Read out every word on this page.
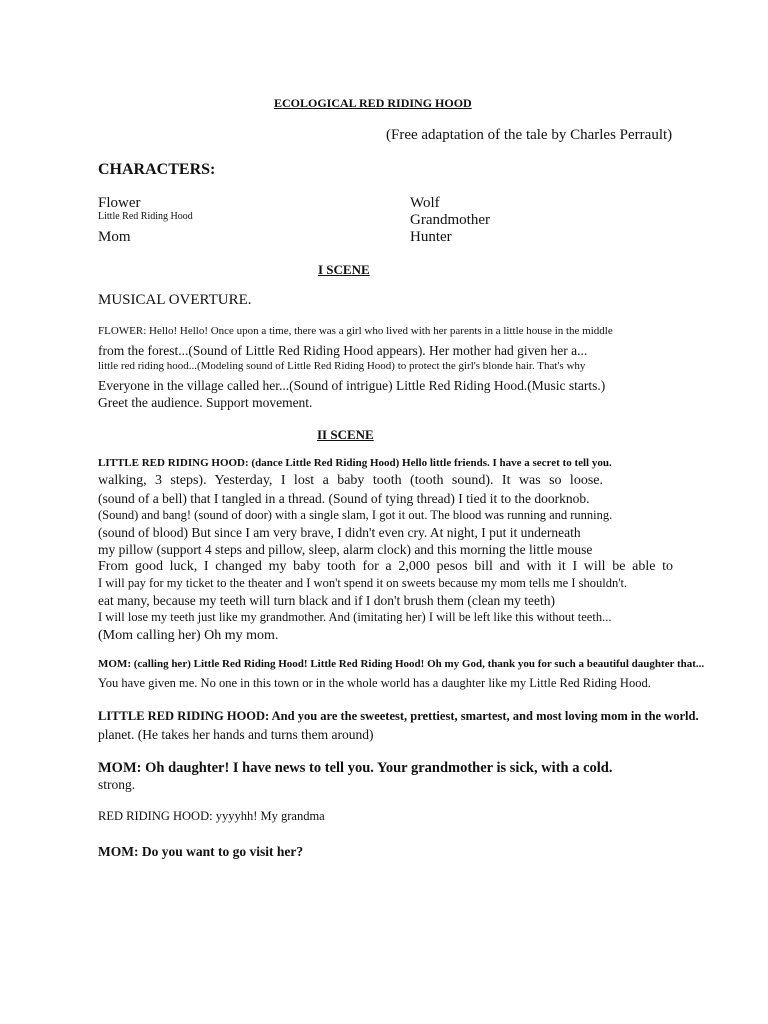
ECOLOGICAL RED RIDING HOOD
(Free adaptation of the tale by Charles Perrault)
CHARACTERS:
Flower
Little Red Riding Hood
Mom
Wolf
Grandmother
Hunter
I SCENE
MUSICAL OVERTURE.
FLOWER: Hello! Hello! Once upon a time, there was a girl who lived with her parents in a little house in the middle
from the forest...(Sound of Little Red Riding Hood appears). Her mother had given her a...
little red riding hood...(Modeling sound of Little Red Riding Hood) to protect the girl's blonde hair. That's why
Everyone in the village called her...(Sound of intrigue) Little Red Riding Hood.(Music starts.)
Greet the audience. Support movement.
II SCENE
LITTLE RED RIDING HOOD: (dance Little Red Riding Hood) Hello little friends. I have a secret to tell you.
walking, 3 steps). Yesterday, I lost a baby tooth (tooth sound). It was so loose.
(sound of a bell) that I tangled in a thread. (Sound of tying thread) I tied it to the doorknob.
(Sound) and bang! (sound of door) with a single slam, I got it out. The blood was running and running.
(sound of blood) But since I am very brave, I didn't even cry. At night, I put it underneath
my pillow (support 4 steps and pillow, sleep, alarm clock) and this morning the little mouse
From good luck, I changed my baby tooth for a 2,000 pesos bill and with it I will be able to
I will pay for my ticket to the theater and I won't spend it on sweets because my mom tells me I shouldn't.
eat many, because my teeth will turn black and if I don't brush them (clean my teeth)
I will lose my teeth just like my grandmother. And (imitating her) I will be left like this without teeth...
(Mom calling her) Oh my mom.
MOM: (calling her) Little Red Riding Hood! Little Red Riding Hood! Oh my God, thank you for such a beautiful daughter that...
You have given me. No one in this town or in the whole world has a daughter like my Little Red Riding Hood.
LITTLE RED RIDING HOOD: And you are the sweetest, prettiest, smartest, and most loving mom in the world.
planet. (He takes her hands and turns them around)
MOM: Oh daughter! I have news to tell you. Your grandmother is sick, with a cold.
strong.
RED RIDING HOOD: yyyyhh! My grandma
MOM: Do you want to go visit her?
